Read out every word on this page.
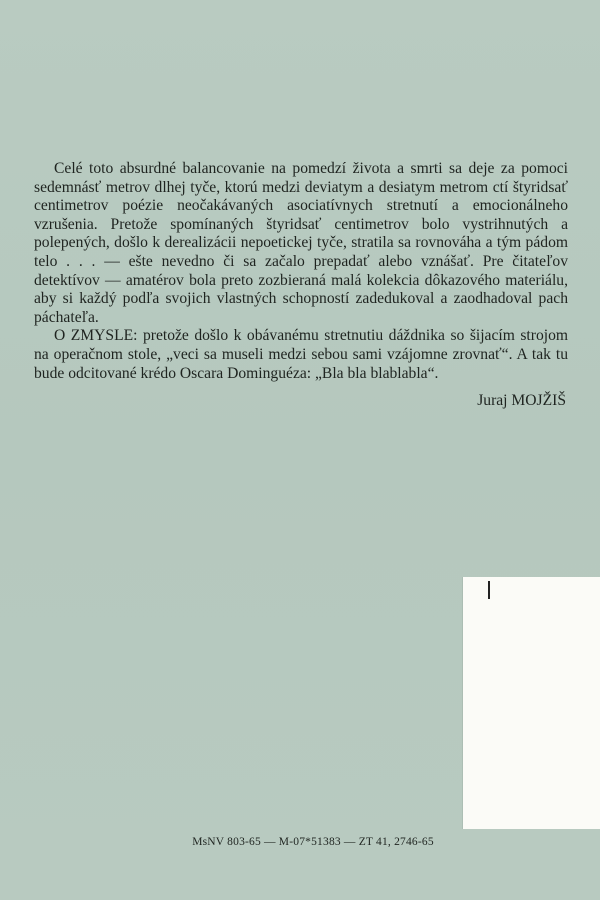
Celé toto absurdné balancovanie na pomedzí života a smrti sa deje za pomoci sedemnásť metrov dlhej tyče, ktorú medzi deviatym a desiatym metrom ctí štyridsať centimetrov poézie neočakávaných asociatívnych stretnutí a emocionálneho vzrušenia. Pretože spomínaných štyridsať centimetrov bolo vystrihnutých a polepených, došlo k derealizácii nepoetickej tyče, stratila sa rovnováha a tým pádom telo . . . — ešte nevedno či sa začalo prepadať alebo vznášať. Pre čitateľov detektívov — amatérov bola preto zozbieraná malá kolekcia dôkazového materiálu, aby si každý podľa svojich vlastných schopností zadedukoval a zaodhadoval pach páchateľa.

O ZMYSLE: pretože došlo k obávanému stretnutiu dáždnika so šijacím strojom na operačnom stole, „veci sa museli medzi sebou sami vzájomne zrovnať“. A tak tu bude odcitované krédo Oscara Dominguéza: „Bla bla blablabla“.

Juraj MOJŽIŠ
MsNV 803-65 — M-07*51383 — ZT 41, 2746-65
